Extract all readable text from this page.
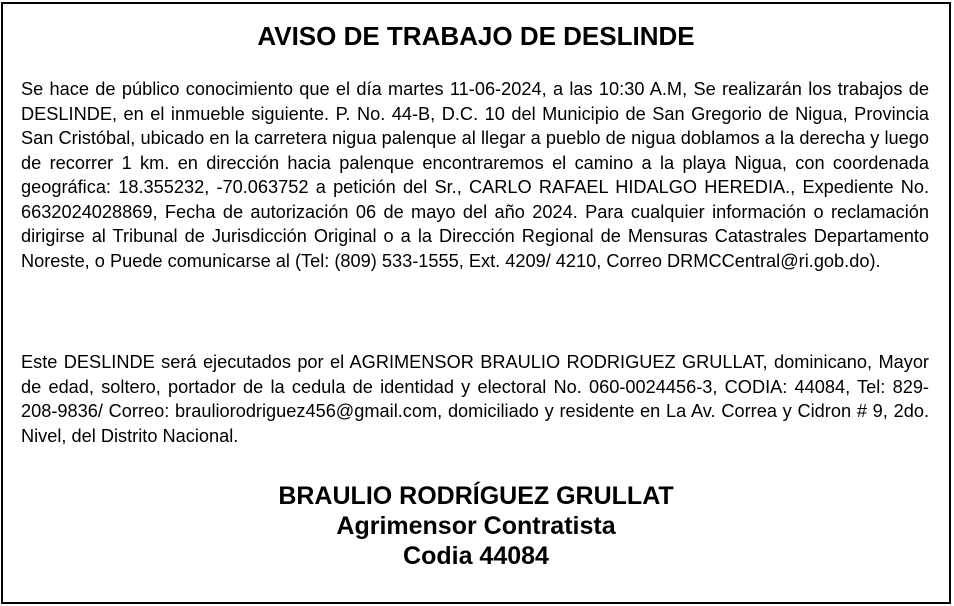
AVISO DE TRABAJO DE DESLINDE

Se hace de público conocimiento que el día martes 11-06-2024, a las 10:30 A.M, Se realizarán los trabajos de DESLINDE, en el inmueble siguiente. P. No. 44-B, D.C. 10 del Municipio de San Gregorio de Nigua, Provincia San Cristóbal, ubicado en la carretera nigua palenque al llegar a pueblo de nigua doblamos a la derecha y luego de recorrer 1 km. en dirección hacia palenque encontraremos el camino a la playa Nigua, con coordenada geográfica: 18.355232, -70.063752 a petición del Sr., CARLO RAFAEL HIDALGO HEREDIA., Expediente No. 6632024028869, Fecha de autorización 06 de mayo del año 2024. Para cualquier información o reclamación dirigirse al Tribunal de Jurisdicción Original o a la Dirección Regional de Mensuras Catastrales Departamento Noreste, o Puede comunicarse al (Tel: (809) 533-1555, Ext. 4209/ 4210, Correo DRMCCentral@ri.gob.do).

Este DESLINDE será ejecutados por el AGRIMENSOR BRAULIO RODRIGUEZ GRULLAT, dominicano, Mayor de edad, soltero, portador de la cedula de identidad y electoral No. 060-0024456-3, CODIA: 44084, Tel: 829-208-9836/ Correo: brauliorodriguez456@gmail.com, domiciliado y residente en La Av. Correa y Cidron # 9, 2do. Nivel, del Distrito Nacional.

BRAULIO RODRÍGUEZ GRULLAT
Agrimensor Contratista
Codia 44084
